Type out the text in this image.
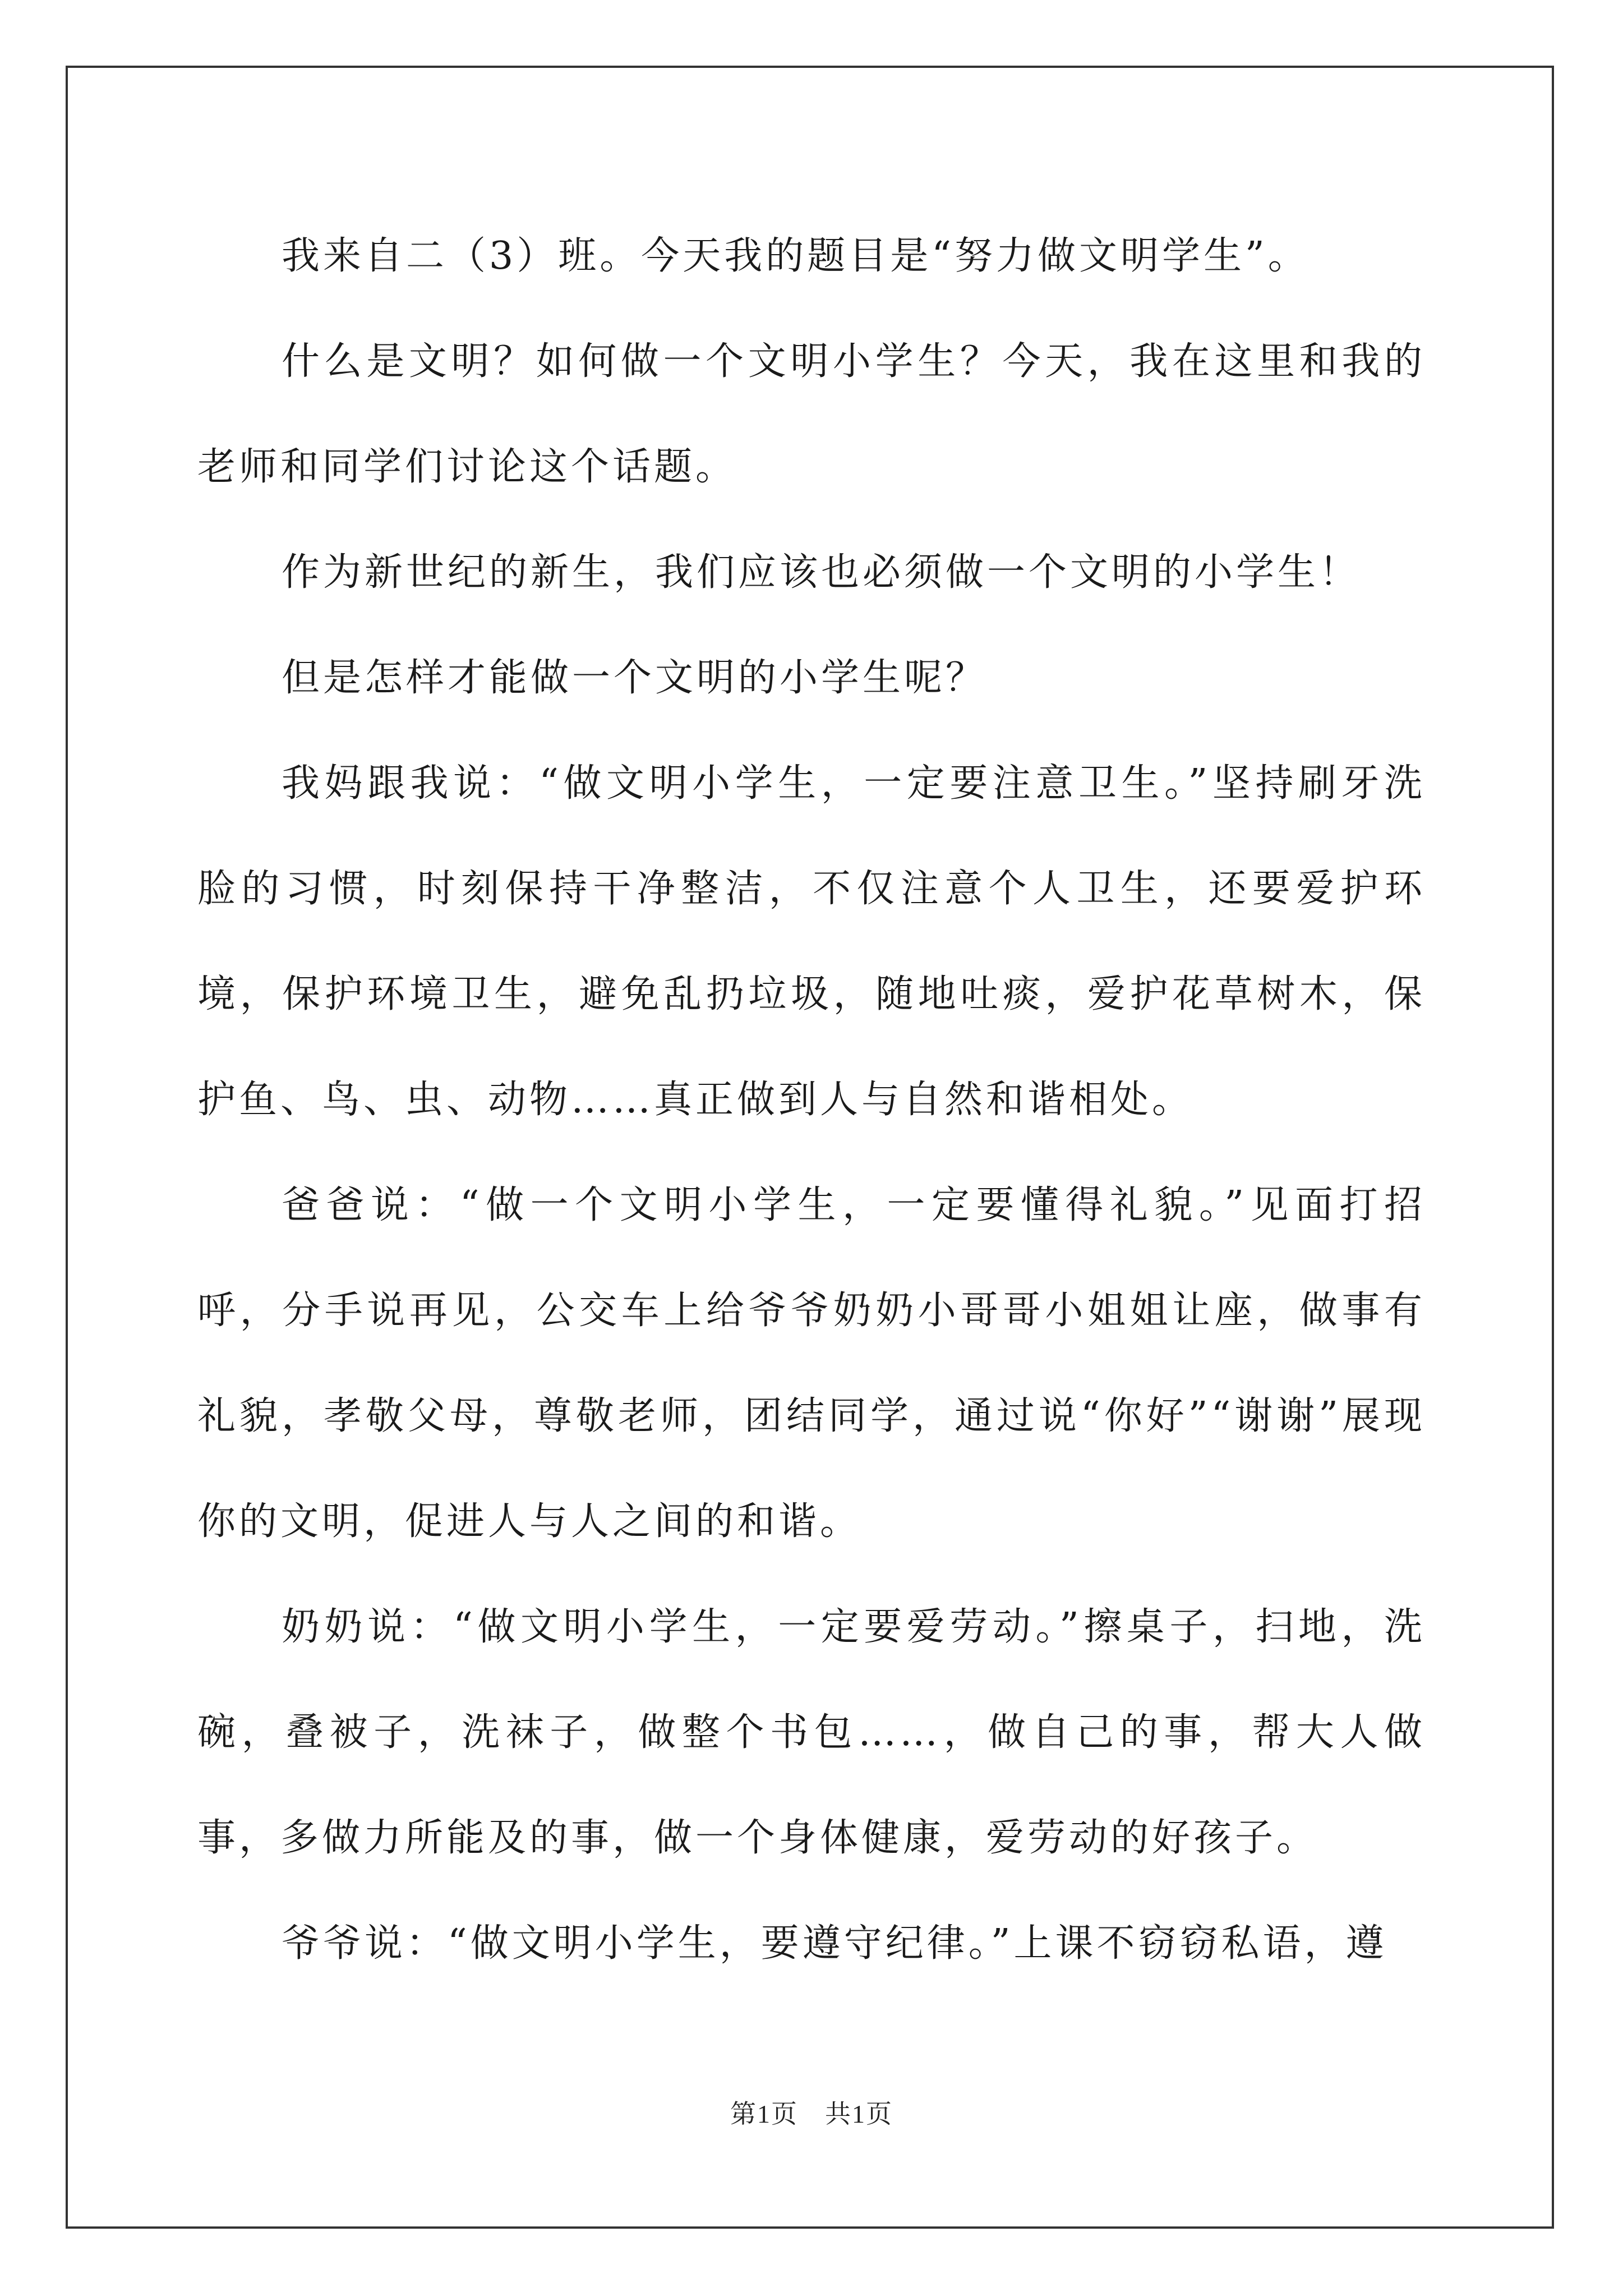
我来自二（3）班。今天我的题目是“努力做文明学生”。

什么是文明？如何做一个文明小学生？今天，我在这里和我的老师和同学们讨论这个话题。

作为新世纪的新生，我们应该也必须做一个文明的小学生！

但是怎样才能做一个文明的小学生呢？

我妈跟我说：“做文明小学生，一定要注意卫生。”坚持刷牙洗脸的习惯，时刻保持干净整洁，不仅注意个人卫生，还要爱护环境，保护环境卫生，避免乱扔垃圾，随地吐痰，爱护花草树木，保护鱼、鸟、虫、动物……真正做到人与自然和谐相处。

爸爸说：“做一个文明小学生，一定要懂得礼貌。”见面打招呼，分手说再见，公交车上给爷爷奶奶小哥哥小姐姐让座，做事有礼貌，孝敬父母，尊敬老师，团结同学，通过说“你好”“谢谢”展现你的文明，促进人与人之间的和谐。

奶奶说：“做文明小学生，一定要爱劳动。”擦桌子，扫地，洗碗，叠被子，洗袜子，做整个书包……，做自己的事，帮大人做事，多做力所能及的事，做一个身体健康，爱劳动的好孩子。

爷爷说：“做文明小学生，要遵守纪律。”上课不窃窃私语，遵

第1页　共1页
